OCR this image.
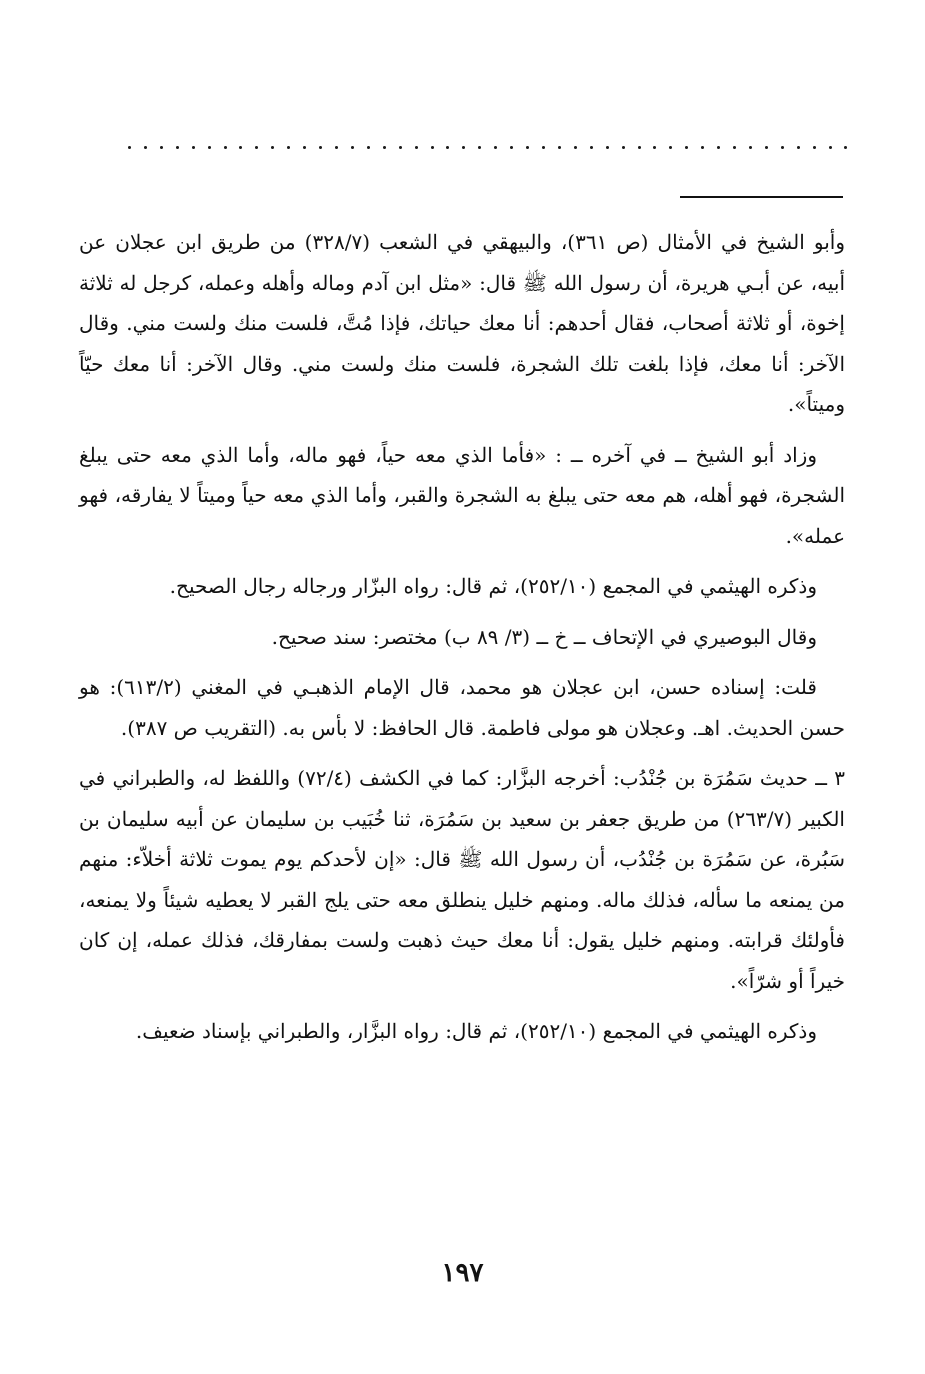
وأبو الشيخ في الأمثال (ص ٣٦١)، والبيهقي في الشعب (٣٢٨/٧) من طريق ابن عجلان عن أبيه، عن أبـي هريرة، أن رسول الله ﷺ قال: «مثل ابن آدم وماله وأهله وعمله، كرجل له ثلاثة إخوة، أو ثلاثة أصحاب، فقال أحدهم: أنا معك حياتك، فإذا مُتَّ، فلست منك ولست مني. وقال الآخر: أنا معك، فإذا بلغت تلك الشجرة، فلست منك ولست مني. وقال الآخر: أنا معك حيّاً وميتاً».

وزاد أبو الشيخ ــ في آخره ــ : «فأما الذي معه حياً، فهو ماله، وأما الذي معه حتى يبلغ الشجرة، فهو أهله، هم معه حتى يبلغ به الشجرة والقبر، وأما الذي معه حياً وميتاً لا يفارقه، فهو عمله».

وذكره الهيثمي في المجمع (٢٥٢/١٠)، ثم قال: رواه البزّار ورجاله رجال الصحيح.

وقال البوصيري في الإتحاف ــ خ ــ (٣/ ٨٩ ب) مختصر: سند صحيح.

قلت: إسناده حسن، ابن عجلان هو محمد، قال الإمام الذهبـي في المغني (٦١٣/٢): هو حسن الحديث. اهـ. وعجلان هو مولى فاطمة. قال الحافظ: لا بأس به. (التقريب ص ٣٨٧).

٣ ــ حديث سَمُرَة بن جُنْدُب: أخرجه البزَّار: كما في الكشف (٧٢/٤) واللفظ له، والطبراني في الكبير (٢٦٣/٧) من طريق جعفر بن سعيد بن سَمُرَة، ثنا خُبَيب بن سليمان عن أبيه سليمان بن سَبُرة، عن سَمُرَة بن جُنْدُب، أن رسول الله ﷺ قال: «إن لأحدكم يوم يموت ثلاثة أخلاّء: منهم من يمنعه ما سأله، فذلك ماله. ومنهم خليل ينطلق معه حتى يلج القبر لا يعطيه شيئاً ولا يمنعه، فأولئك قرابته. ومنهم خليل يقول: أنا معك حيث ذهبت ولست بمفارقك، فذلك عمله، إن كان خيراً أو شرّاً».

وذكره الهيثمي في المجمع (٢٥٢/١٠)، ثم قال: رواه البزَّار، والطبراني بإسناد ضعيف.

١٩٧
